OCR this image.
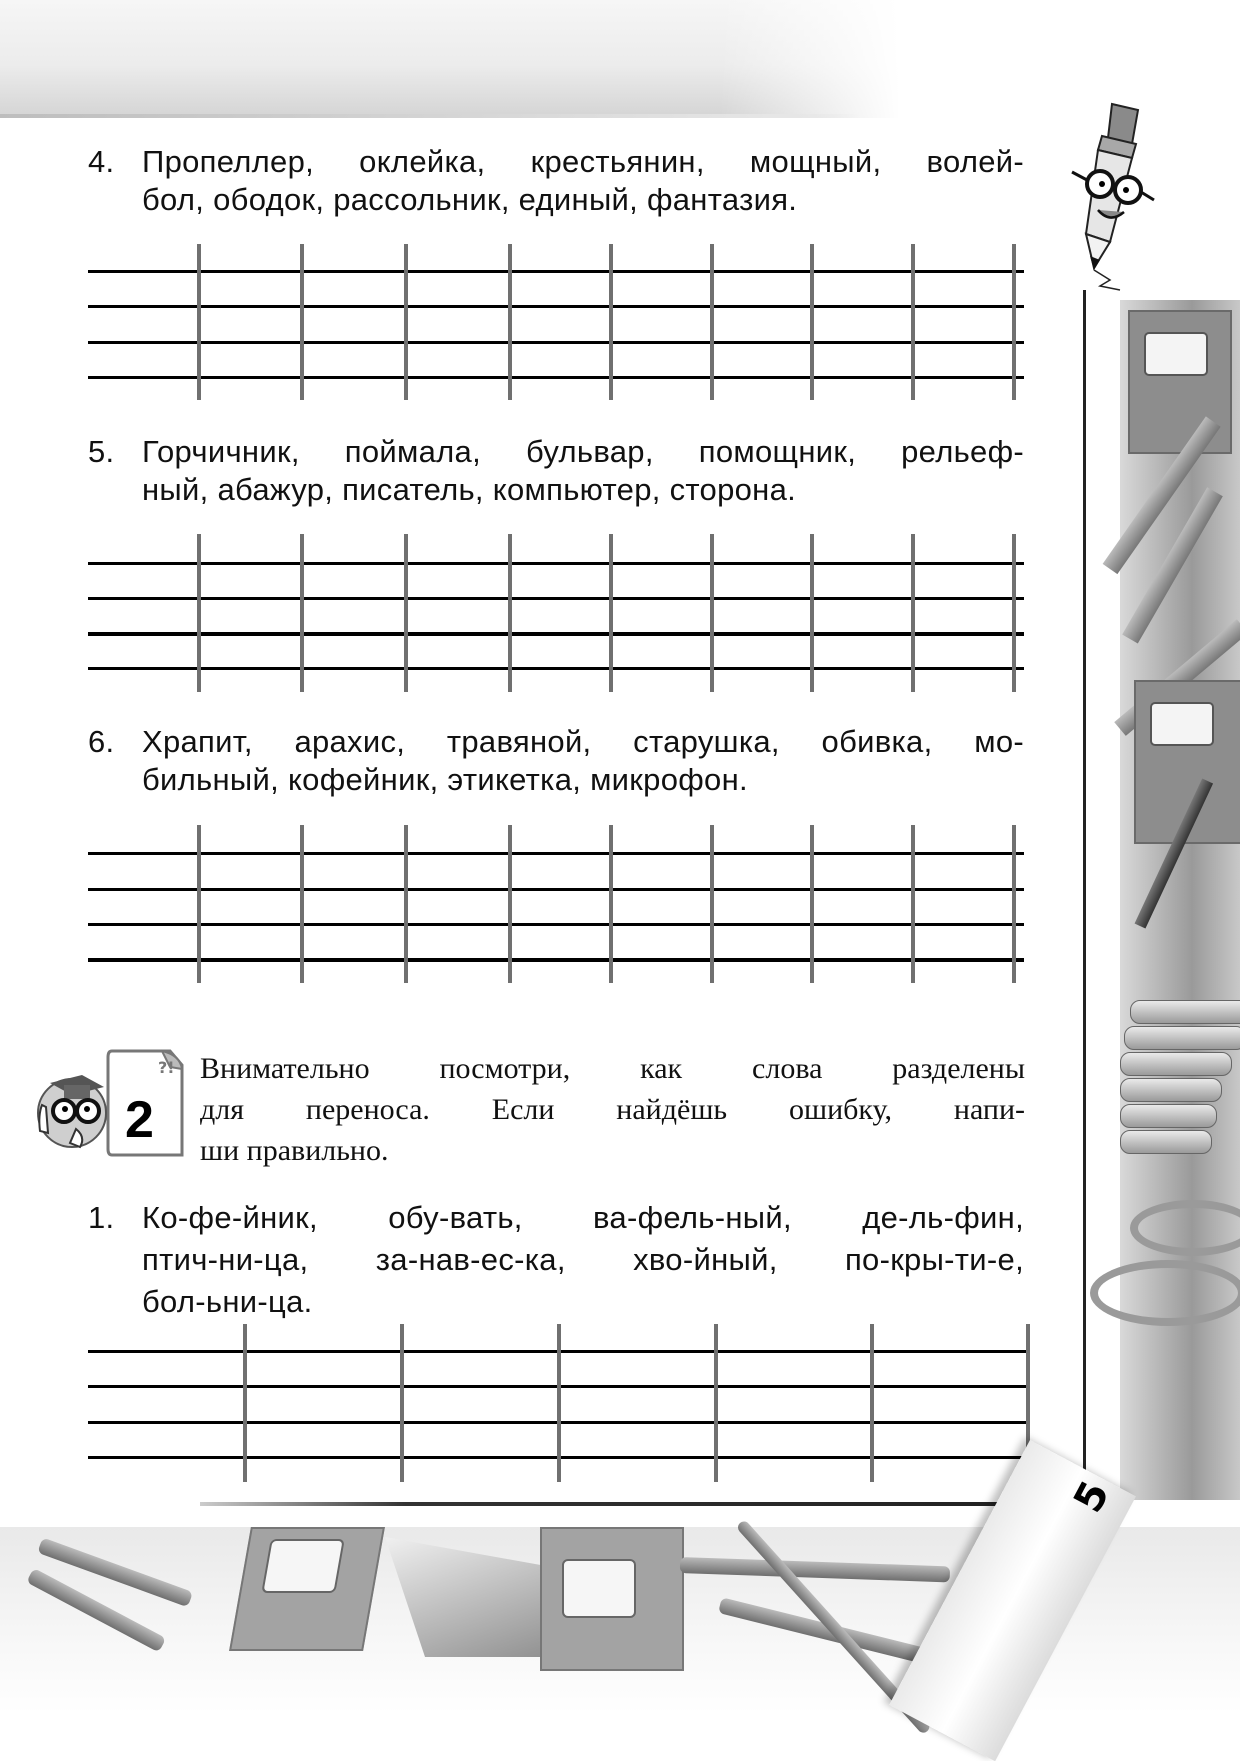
4. Пропеллер, оклейка, крестьянин, мощный, волей-
бол, ободок, рассольник, единый, фантазия.
5. Горчичник, поймала, бульвар, помощник, рельеф-
ный, абажур, писатель, компьютер, сторона.
6. Храпит, арахис, травяной, старушка, обивка, мо-
бильный, кофейник, этикетка, микрофон.
?!
2
Внимательно посмотри, как слова разделены
для переноса. Если найдёшь ошибку, напи-
ши правильно.
1. Ко-фе-йник, обу-вать, ва-фель-ный, де-ль-фин,
птич-ни-ца, за-нав-ес-ка, хво-йный, по-кры-ти-е,
бол-ьни-ца.
5
